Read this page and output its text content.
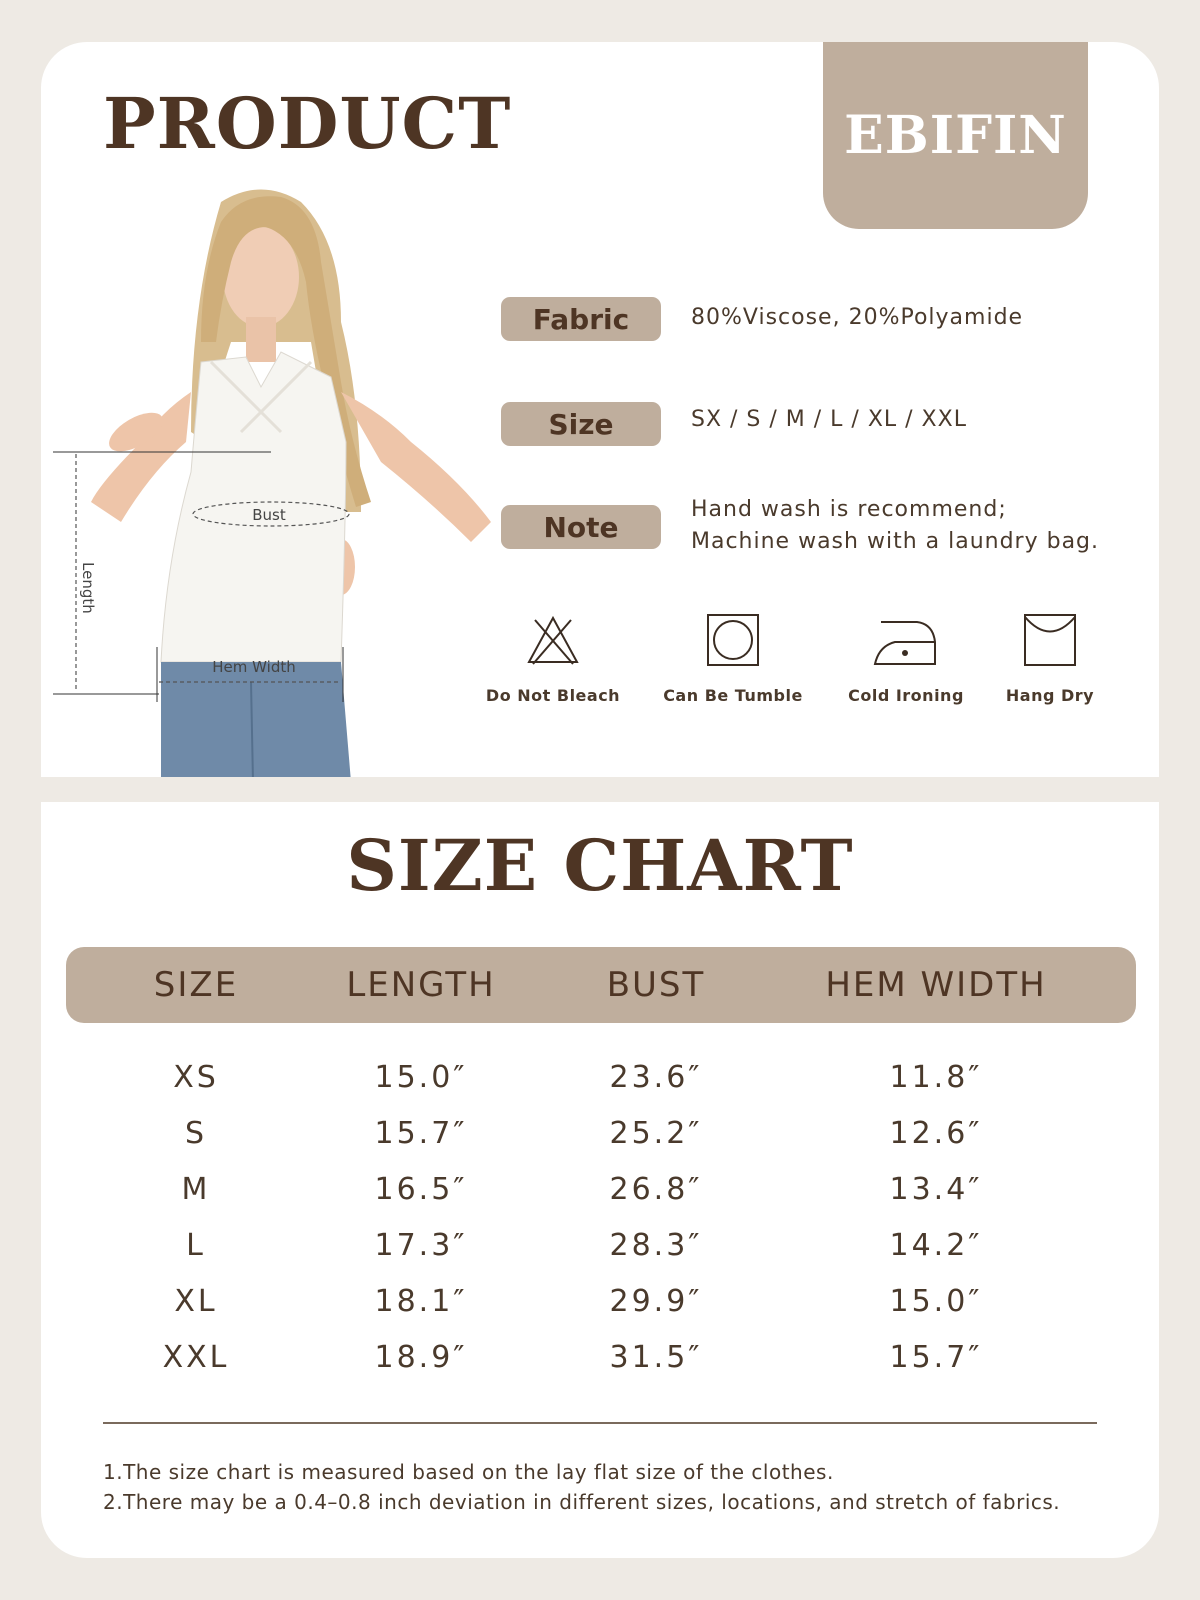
PRODUCT	EBIFIN
Bust
Length
Hem Width
Fabric	80%Viscose, 20%Polyamide
Size	SX / S / M / L / XL / XXL
Note
Hand wash is recommend;
Machine wash with a laundry bag.
Do Not Bleach	Can Be Tumble	Cold Ironing	Hang Dry
SIZE CHART
SIZE	LENGTH	BUST	HEM WIDTH
XS	15.0″	23.6″	11.8″
S	15.7″	25.2″	12.6″
M	16.5″	26.8″	13.4″
L	17.3″	28.3″	14.2″
XL	18.1″	29.9″	15.0″
XXL	18.9″	31.5″	15.7″
1.The size chart is measured based on the lay flat size of the clothes.
2.There may be a 0.4–0.8 inch deviation in different sizes, locations, and stretch of fabrics.
